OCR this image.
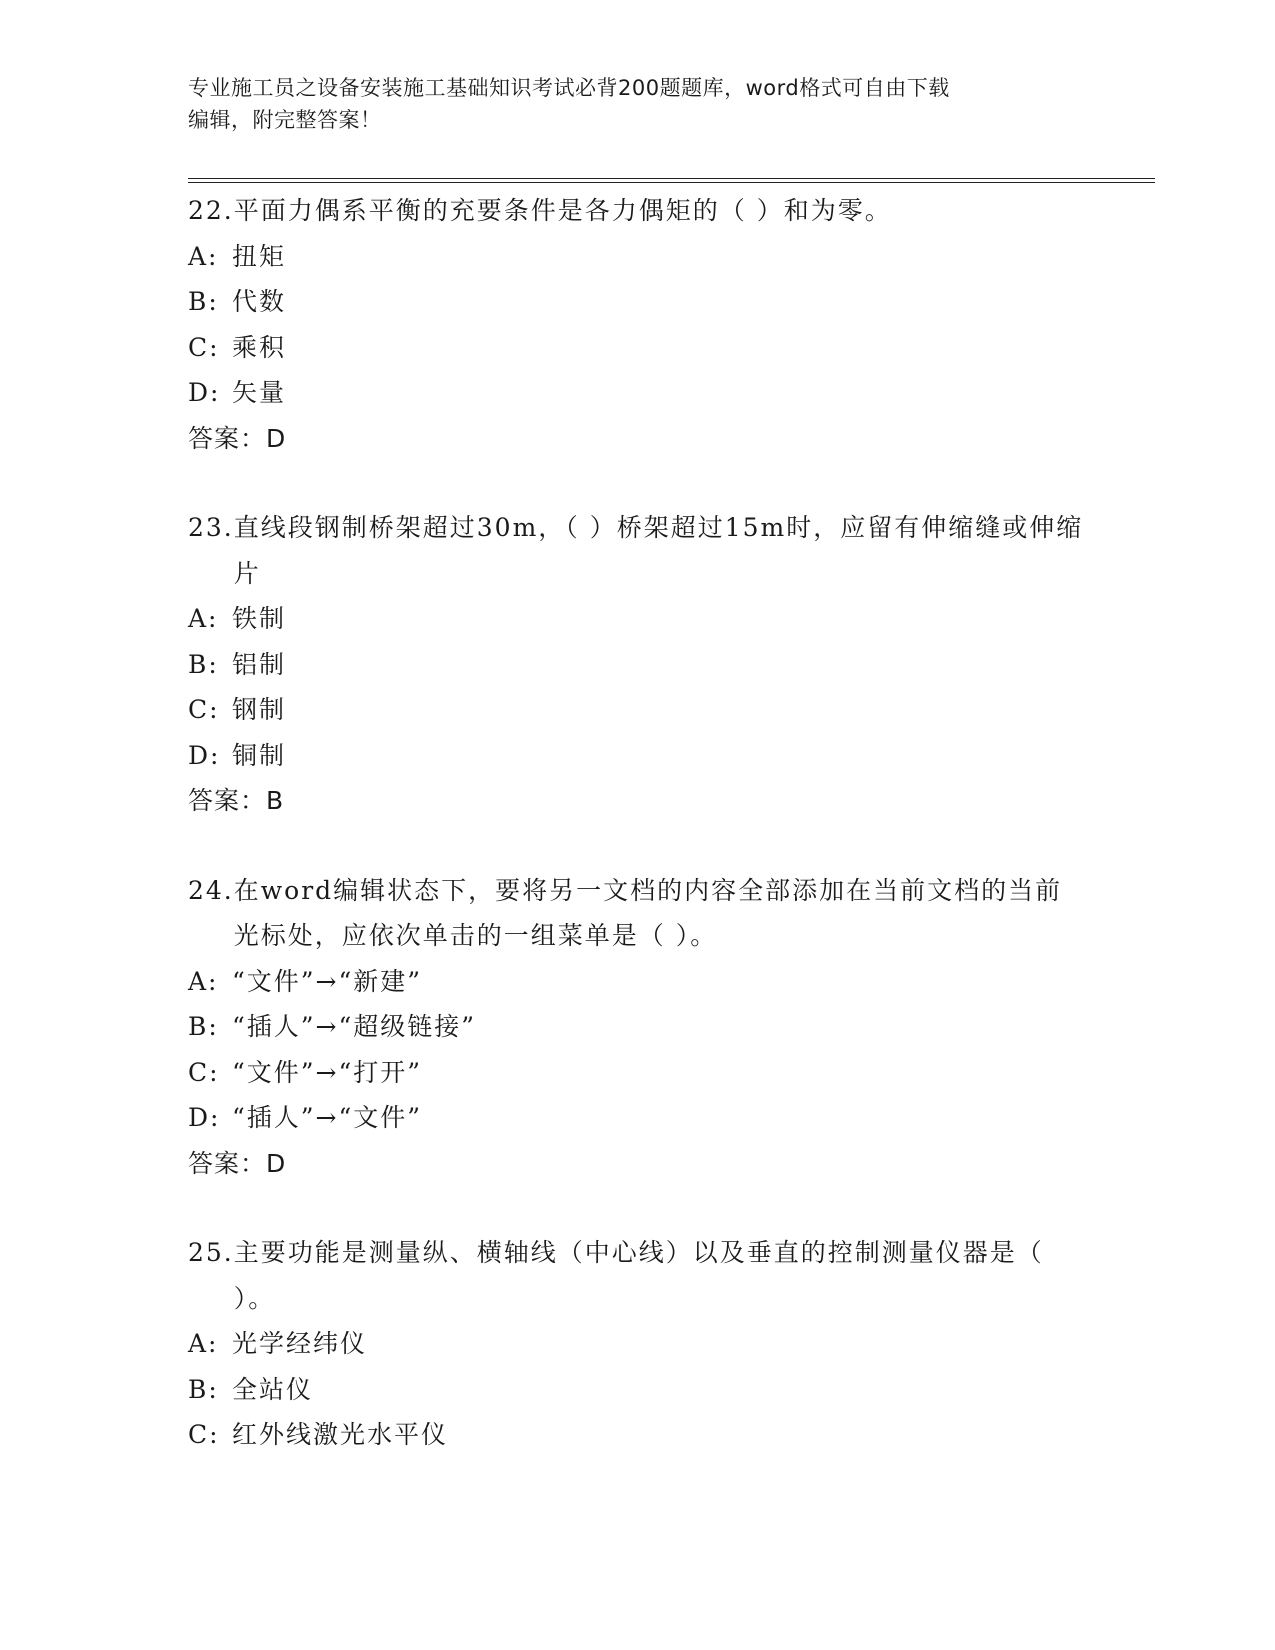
专业施工员之设备安装施工基础知识考试必背200题题库，word格式可自由下载
编辑，附完整答案！
22. 平面力偶系平衡的充要条件是各力偶矩的（ ）和为零。
A: 扭矩
B: 代数
C: 乘积
D: 矢量
答案：D
23. 直线段钢制桥架超过30m，（ ）桥架超过15m时，应留有伸缩缝或伸缩片
A: 铁制
B: 铝制
C: 钢制
D: 铜制
答案：B
24. 在word编辑状态下，要将另一文档的内容全部添加在当前文档的当前光标处，应依次单击的一组菜单是（ ）。
A: “文件”→“新建”
B: “插人”→“超级链接”
C: “文件”→“打开”
D: “插人”→“文件”
答案：D
25. 主要功能是测量纵、横轴线（中心线）以及垂直的控制测量仪器是（ ）。
A: 光学经纬仪
B: 全站仪
C: 红外线激光水平仪
